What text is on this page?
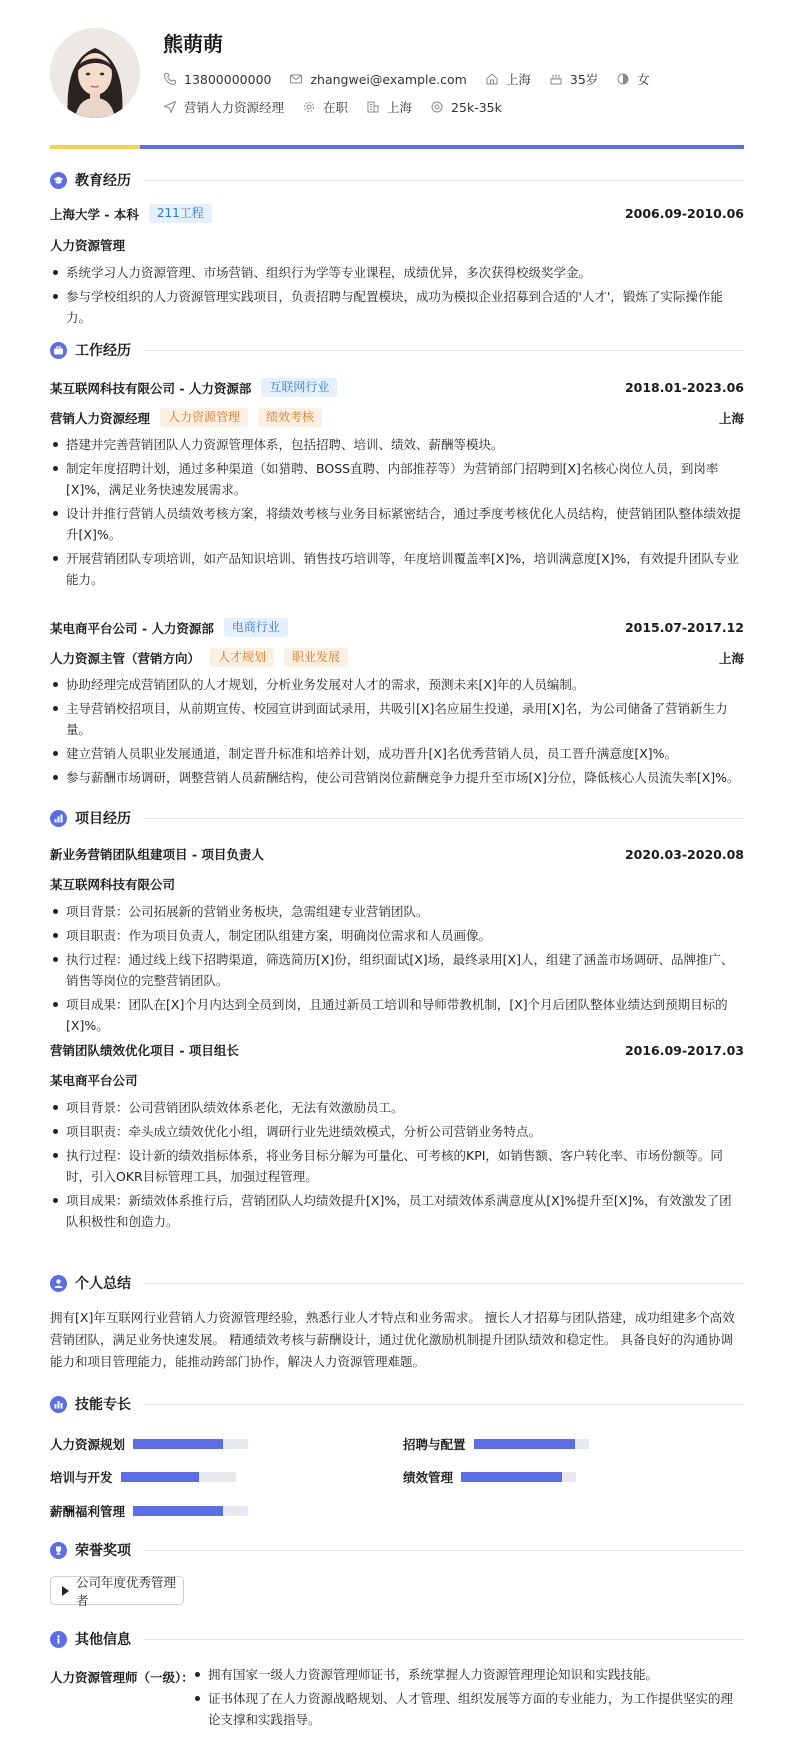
熊萌萌
13800000000	zhangwei@example.com	上海	35岁	女
营销人力资源经理	在职	上海	25k-35k
教育经历
上海大学 - 本科	211工程	2006.09-2010.06
人力资源管理
系统学习人力资源管理、市场营销、组织行为学等专业课程，成绩优异，多次获得校级奖学金。
参与学校组织的人力资源管理实践项目，负责招聘与配置模块，成功为模拟企业招募到合适的'人才'，锻炼了实际操作能力。
工作经历
某互联网科技有限公司 - 人力资源部	互联网行业	2018.01-2023.06
营销人力资源经理	人力资源管理	绩效考核	上海
搭建并完善营销团队人力资源管理体系，包括招聘、培训、绩效、薪酬等模块。
制定年度招聘计划，通过多种渠道（如猎聘、BOSS直聘、内部推荐等）为营销部门招聘到[X]名核心岗位人员，到岗率[X]%，满足业务快速发展需求。
设计并推行营销人员绩效考核方案，将绩效考核与业务目标紧密结合，通过季度考核优化人员结构，使营销团队整体绩效提升[X]%。
开展营销团队专项培训，如产品知识培训、销售技巧培训等，年度培训覆盖率[X]%，培训满意度[X]%，有效提升团队专业能力。
某电商平台公司 - 人力资源部	电商行业	2015.07-2017.12
人力资源主管（营销方向）	人才规划	职业发展	上海
协助经理完成营销团队的人才规划，分析业务发展对人才的需求，预测未来[X]年的人员编制。
主导营销校招项目，从前期宣传、校园宣讲到面试录用，共吸引[X]名应届生投递，录用[X]名，为公司储备了营销新生力量。
建立营销人员职业发展通道，制定晋升标准和培养计划，成功晋升[X]名优秀营销人员，员工晋升满意度[X]%。
参与薪酬市场调研，调整营销人员薪酬结构，使公司营销岗位薪酬竞争力提升至市场[X]分位，降低核心人员流失率[X]%。
项目经历
新业务营销团队组建项目 - 项目负责人	2020.03-2020.08
某互联网科技有限公司
项目背景：公司拓展新的营销业务板块，急需组建专业营销团队。
项目职责：作为项目负责人，制定团队组建方案，明确岗位需求和人员画像。
执行过程：通过线上线下招聘渠道，筛选简历[X]份，组织面试[X]场，最终录用[X]人，组建了涵盖市场调研、品牌推广、销售等岗位的完整营销团队。
项目成果：团队在[X]个月内达到全员到岗，且通过新员工培训和导师带教机制，[X]个月后团队整体业绩达到预期目标的[X]%。
营销团队绩效优化项目 - 项目组长	2016.09-2017.03
某电商平台公司
项目背景：公司营销团队绩效体系老化，无法有效激励员工。
项目职责：牵头成立绩效优化小组，调研行业先进绩效模式，分析公司营销业务特点。
执行过程：设计新的绩效指标体系，将业务目标分解为可量化、可考核的KPI，如销售额、客户转化率、市场份额等。同时，引入OKR目标管理工具，加强过程管理。
项目成果：新绩效体系推行后，营销团队人均绩效提升[X]%，员工对绩效体系满意度从[X]%提升至[X]%，有效激发了团队积极性和创造力。
个人总结
拥有[X]年互联网行业营销人力资源管理经验，熟悉行业人才特点和业务需求。 擅长人才招募与团队搭建，成功组建多个高效营销团队，满足业务快速发展。 精通绩效考核与薪酬设计，通过优化激励机制提升团队绩效和稳定性。 具备良好的沟通协调能力和项目管理能力，能推动跨部门协作，解决人力资源管理难题。
技能专长
人力资源规划	招聘与配置
培训与开发	绩效管理
薪酬福利管理
荣誉奖项
公司年度优秀管理者
其他信息
人力资源管理师（一级）：	拥有国家一级人力资源管理师证书，系统掌握人力资源管理理论知识和实践技能。
证书体现了在人力资源战略规划、人才管理、组织发展等方面的专业能力，为工作提供坚实的理论支撑和实践指导。
